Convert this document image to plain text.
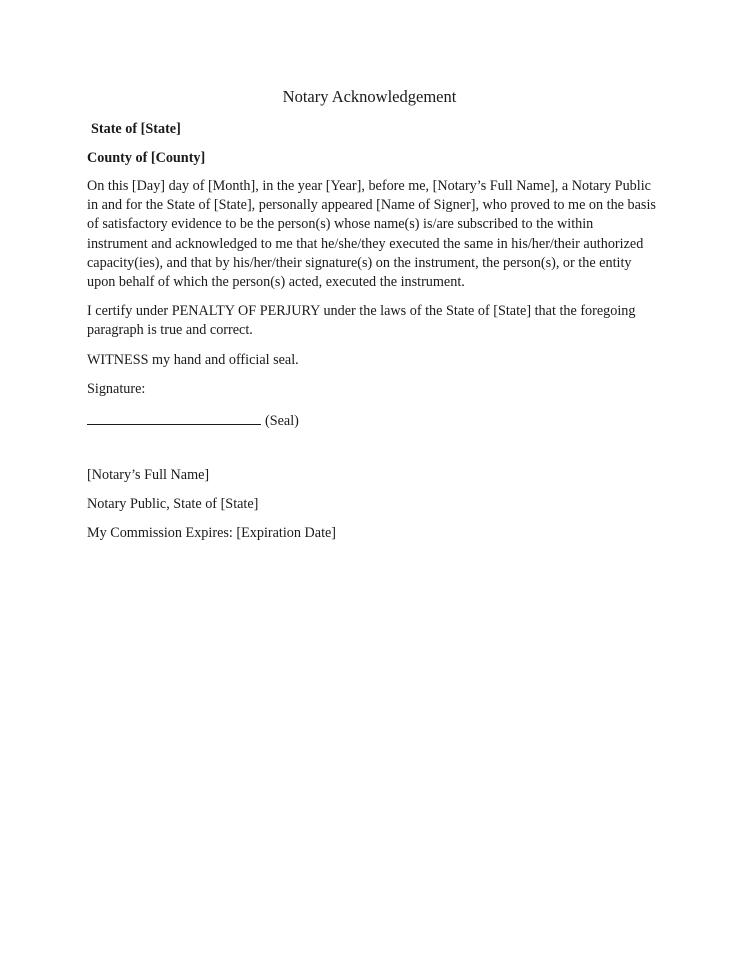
Notary Acknowledgement

State of [State]

County of [County]

On this [Day] day of [Month], in the year [Year], before me, [Notary’s Full Name], a Notary Public in and for the State of [State], personally appeared [Name of Signer], who proved to me on the basis of satisfactory evidence to be the person(s) whose name(s) is/are subscribed to the within instrument and acknowledged to me that he/she/they executed the same in his/her/their authorized capacity(ies), and that by his/her/their signature(s) on the instrument, the person(s), or the entity upon behalf of which the person(s) acted, executed the instrument.

I certify under PENALTY OF PERJURY under the laws of the State of [State] that the foregoing paragraph is true and correct.

WITNESS my hand and official seal.

Signature:

(Seal)

[Notary’s Full Name]

Notary Public, State of [State]

My Commission Expires: [Expiration Date]
